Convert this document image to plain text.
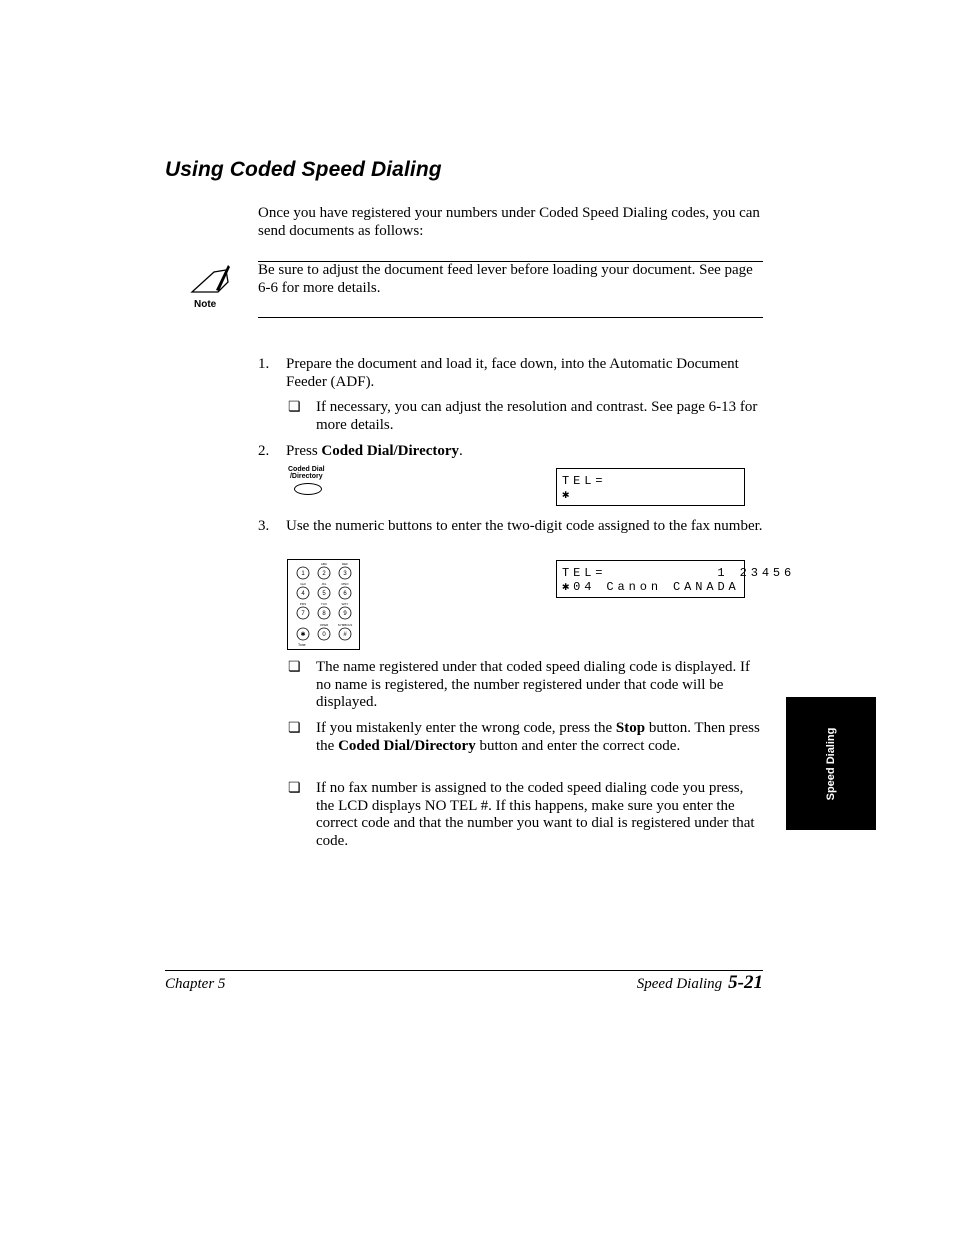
Using Coded Speed Dialing
Once you have registered your numbers under Coded Speed Dialing codes, you can send documents as follows:
Note
Be sure to adjust the document feed lever before loading your document. See page 6-6 for more details.
1. Prepare the document and load it, face down, into the Automatic Document Feeder (ADF).
❏ If necessary, you can adjust the resolution and contrast. See page 6-13 for more details.
2. Press Coded Dial/Directory.
Coded Dial
/Directory	TEL=
✱
3. Use the numeric buttons to enter the two-digit code assigned to the fax number.
1	2
ABC
3
DEF
4
GHI
5
JKL
6
MNO
7
PRS
8
TUV
9
WXY
✱	0
OPER
#
SYMBOLS
Tone
TEL=          1 23456
✱04 Canon CANADA
❏ The name registered under that coded speed dialing code is displayed. If no name is registered, the number registered under that code will be displayed.
❏ If you mistakenly enter the wrong code, press the Stop button. Then press the Coded Dial/Directory button and enter the correct code.
❏ If no fax number is assigned to the coded speed dialing code you press, the LCD displays NO TEL #. If this happens, make sure you enter the correct code and that the number you want to dial is registered under that code.
Speed Dialing
Chapter 5	Speed Dialing 5-21
